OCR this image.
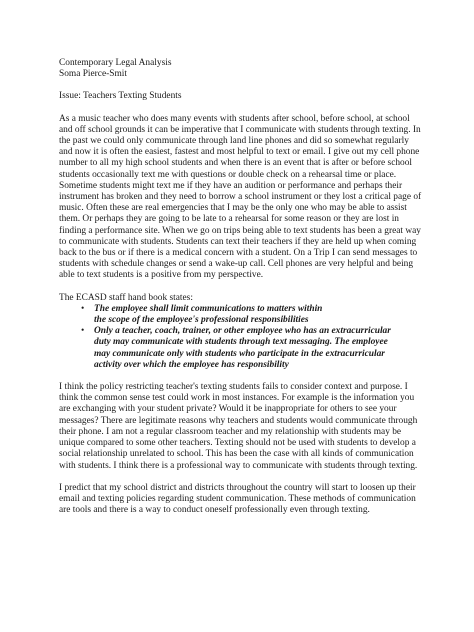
Contemporary Legal Analysis
Soma Pierce-Smit
Issue: Teachers Texting Students
As a music teacher who does many events with students after school, before school, at school
and off school grounds it can be imperative that I communicate with students through texting. In
the past we could only communicate through land line phones and did so somewhat regularly
and now it is often the easiest, fastest and most helpful to text or email. I give out my cell phone
number to all my high school students and when there is an event that is after or before school
students occasionally text me with questions or double check on a rehearsal time or place.
Sometime students might text me if they have an audition or performance and perhaps their
instrument has broken and they need to borrow a school instrument or they lost a critical page of
music. Often these are real emergencies that I may be the only one who may be able to assist
them. Or perhaps they are going to be late to a rehearsal for some reason or they are lost in
finding a performance site. When we go on trips being able to text students has been a great way
to communicate with students. Students can text their teachers if they are held up when coming
back to the bus or if there is a medical concern with a student. On a Trip I can send messages to
students with schedule changes or send a wake-up call. Cell phones are very helpful and being
able to text students is a positive from my perspective.
The ECASD staff hand book states:
• The employee shall limit communications to matters within
the scope of the employee's professional responsibilities
• Only a teacher, coach, trainer, or other employee who has an extracurricular
duty may communicate with students through text messaging. The employee
may communicate only with students who participate in the extracurricular
activity over which the employee has responsibility
I think the policy restricting teacher's texting students fails to consider context and purpose. I
think the common sense test could work in most instances. For example is the information you
are exchanging with your student private? Would it be inappropriate for others to see your
messages? There are legitimate reasons why teachers and students would communicate through
their phone. I am not a regular classroom teacher and my relationship with students may be
unique compared to some other teachers. Texting should not be used with students to develop a
social relationship unrelated to school. This has been the case with all kinds of communication
with students. I think there is a professional way to communicate with students through texting.
I predict that my school district and districts throughout the country will start to loosen up their
email and texting policies regarding student communication. These methods of communication
are tools and there is a way to conduct oneself professionally even through texting.
